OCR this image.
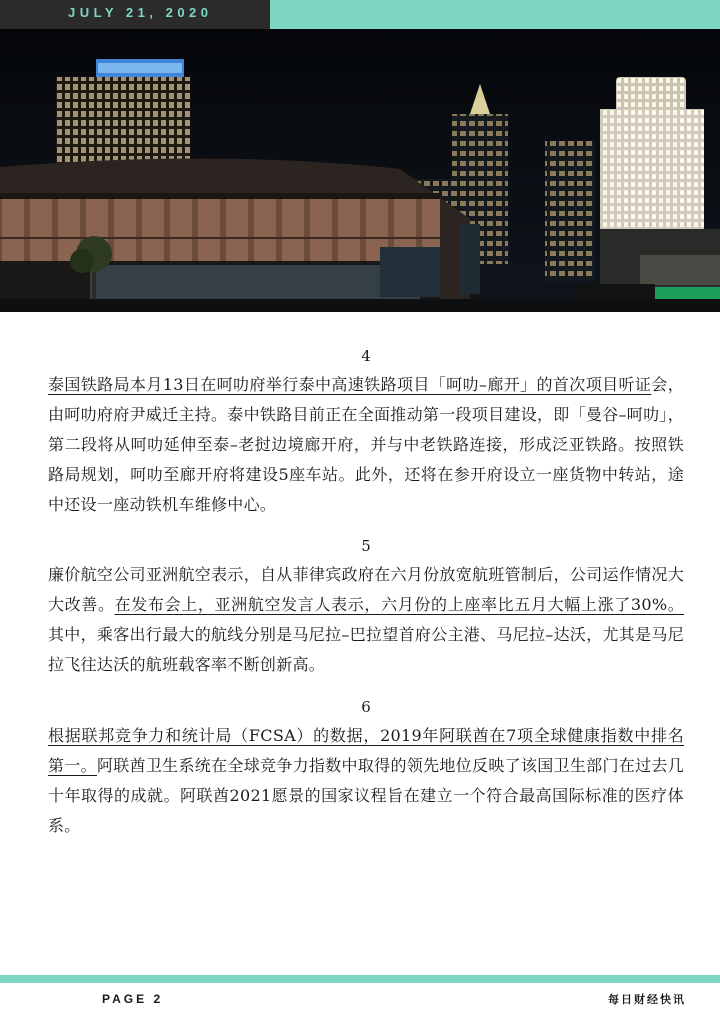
JULY 21, 2020
4

泰国铁路局本月13日在呵叻府举行泰中高速铁路项目「呵叻–廊开」的首次项目听证会，由呵叻府府尹威迁主持。泰中铁路目前正在全面推动第一段项目建设，即「曼谷–呵叻」，第二段将从呵叻延伸至泰–老挝边境廊开府，并与中老铁路连接，形成泛亚铁路。按照铁路局规划，呵叻至廊开府将建设5座车站。此外，还将在参开府设立一座货物中转站，途中还设一座动铁机车维修中心。

5

廉价航空公司亚洲航空表示，自从菲律宾政府在六月份放宽航班管制后，公司运作情况大大改善。在发布会上，亚洲航空发言人表示，六月份的上座率比五月大幅上涨了30%。其中，乘客出行最大的航线分别是马尼拉–巴拉望首府公主港、马尼拉–达沃，尤其是马尼拉飞往达沃的航班载客率不断创新高。

6

根据联邦竞争力和统计局（FCSA）的数据，2019年阿联酋在7项全球健康指数中排名第一。阿联酋卫生系统在全球竞争力指数中取得的领先地位反映了该国卫生部门在过去几十年取得的成就。阿联酋2021愿景的国家议程旨在建立一个符合最高国际标准的医疗体系。

PAGE 2	每日财经快讯
